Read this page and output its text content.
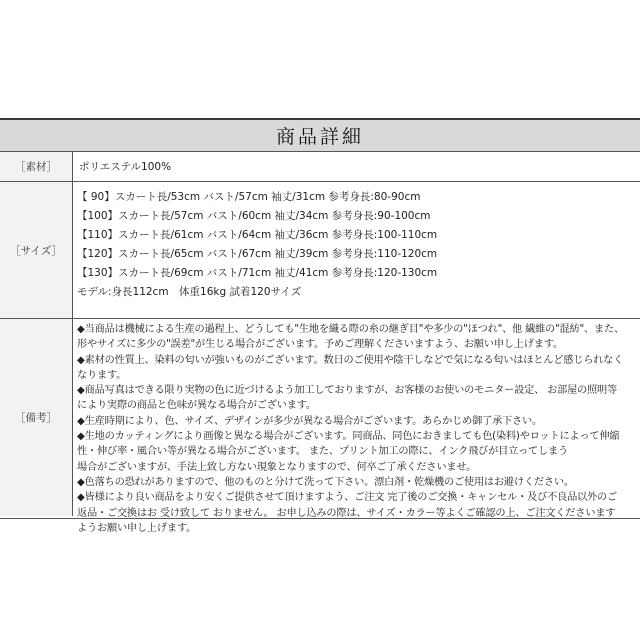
商品詳細
［素材］	ポリエステル100%
［サイズ］
【 90】スカート長/53cm バスト/57cm 袖丈/31cm 参考身長:80-90cm
【100】スカート長/57cm バスト/60cm 袖丈/34cm 参考身長:90-100cm
【110】スカート長/61cm バスト/64cm 袖丈/36cm 参考身長:100-110cm
【120】スカート長/65cm バスト/67cm 袖丈/39cm 参考身長:110-120cm
【130】スカート長/69cm バスト/71cm 袖丈/41cm 参考身長:120-130cm
モデル:身長112cm　体重16kg 試着120サイズ
［備考］
◆当商品は機械による生産の過程上、どうしても"生地を織る際の糸の継ぎ目"や多少の"ほつれ"、他 繊維の"混紡"、また、
形やサイズに多少の"誤差"が生じる場合がございます。予めご理解くださいますよう、お願い申し上げます。
◆素材の性質上、染料の匂いが強いものがございます。数日のご使用や陰干しなどで気になる匂いはほとんど感じられなく
なります。
◆商品写真はできる限り実物の色に近づけるよう加工しておりますが、お客様のお使いのモニター設定、 お部屋の照明等
により実際の商品と色味が異なる場合がございます。
◆生産時期により、色、サイズ、デザインが多少が異なる場合がございます。あらかじめ御了承下さい。
◆生地のカッティングにより画像と異なる場合がございます。同商品、同色におきましても色(染料)やロットによって伸縮
性・伸び率・風合い等が異なる場合がございます。 また、プリント加工の際に、インク飛びが目立ってしまう
場合がございますが、手法上致し方ない現象となりますので、何卒ご了承くださいませ。
◆色落ちの恐れがありますので、他のものと分けて洗って下さい。漂白剤・乾燥機のご使用はお避けください。
◆皆様により良い商品をより安くご提供させて頂けますよう、ご注文 完了後のご交換・キャンセル・及び不良品以外のご
返品・ご交換はお 受け致して おりません。 お申し込みの際は、サイズ・カラー等よくご確認の上、ご注文くださいます
ようお願い申し上げます。
